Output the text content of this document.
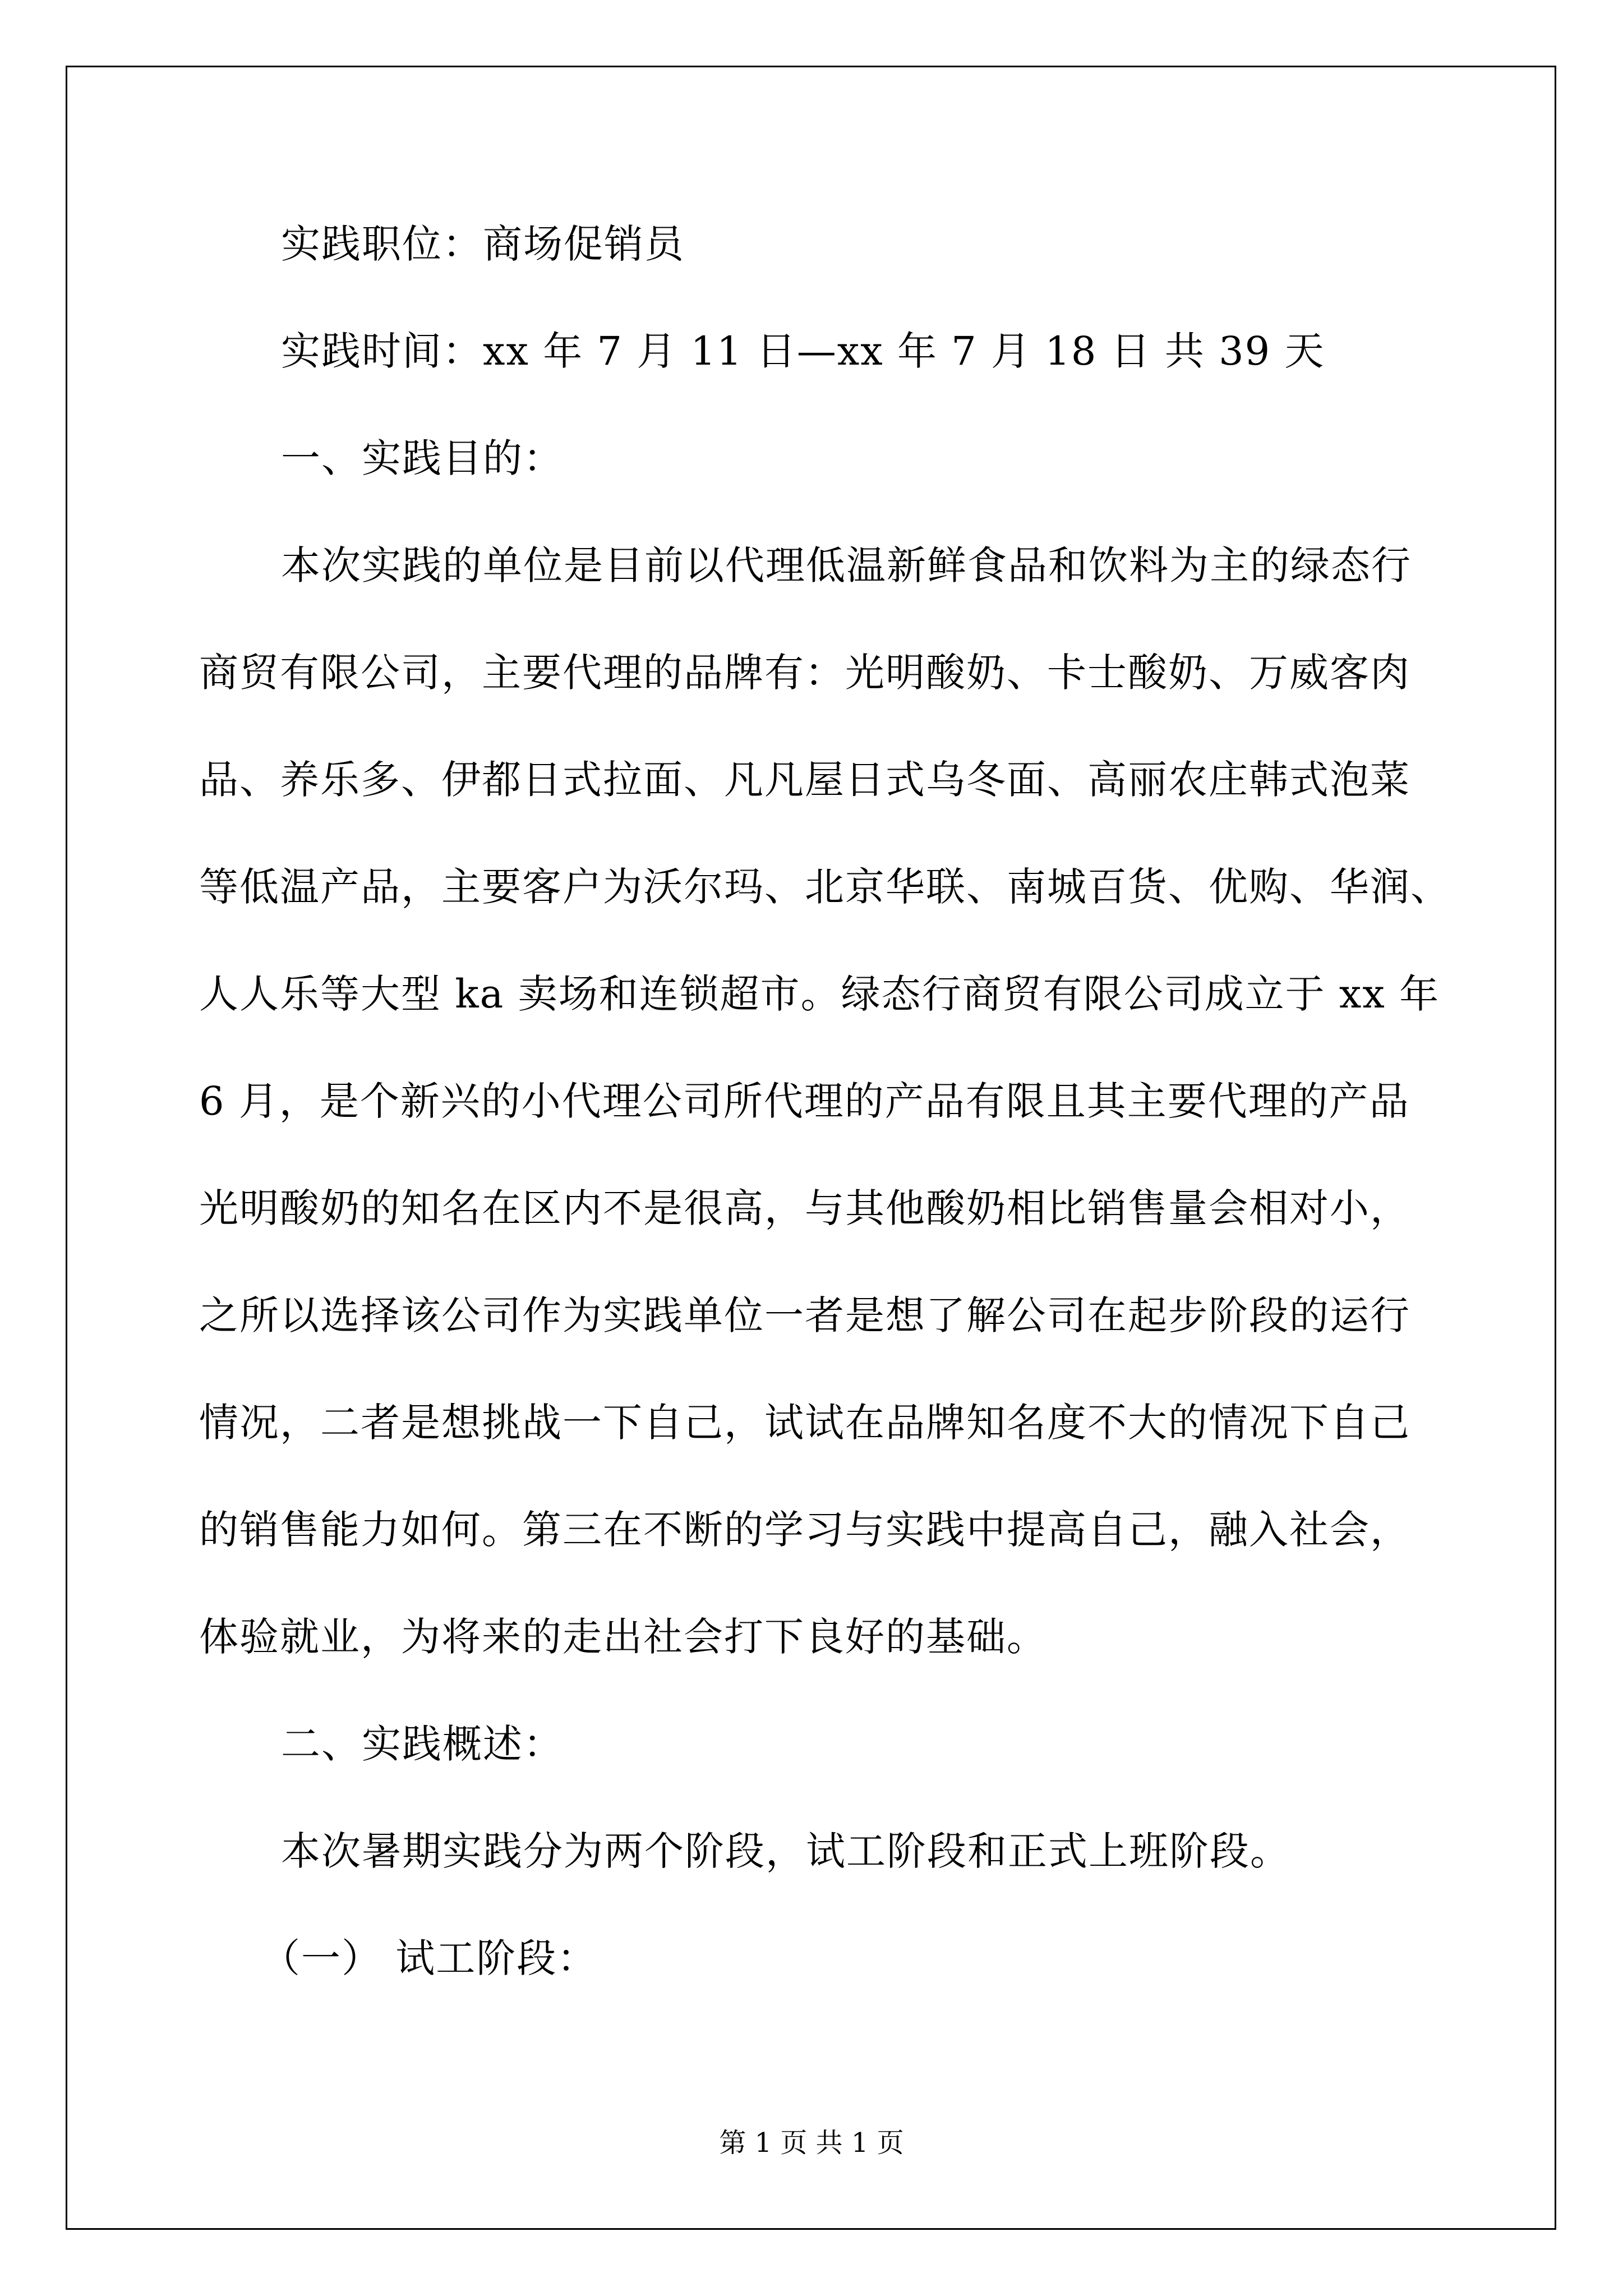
实践职位：商场促销员
实践时间：xx 年 7 月 11 日—xx 年 7 月 18 日 共 39 天
一、实践目的：
本次实践的单位是目前以代理低温新鲜食品和饮料为主的绿态行
商贸有限公司，主要代理的品牌有：光明酸奶、卡士酸奶、万威客肉
品、养乐多、伊都日式拉面、凡凡屋日式乌冬面、高丽农庄韩式泡菜
等低温产品，主要客户为沃尔玛、北京华联、南城百货、优购、华润、
人人乐等大型 ka 卖场和连锁超市。绿态行商贸有限公司成立于 xx 年
6 月，是个新兴的小代理公司所代理的产品有限且其主要代理的产品
光明酸奶的知名在区内不是很高，与其他酸奶相比销售量会相对小，
之所以选择该公司作为实践单位一者是想了解公司在起步阶段的运行
情况，二者是想挑战一下自己，试试在品牌知名度不大的情况下自己
的销售能力如何。第三在不断的学习与实践中提高自己，融入社会，
体验就业，为将来的走出社会打下良好的基础。
二、实践概述：
本次暑期实践分为两个阶段，试工阶段和正式上班阶段。
（一） 试工阶段：
第 1 页 共 1 页
